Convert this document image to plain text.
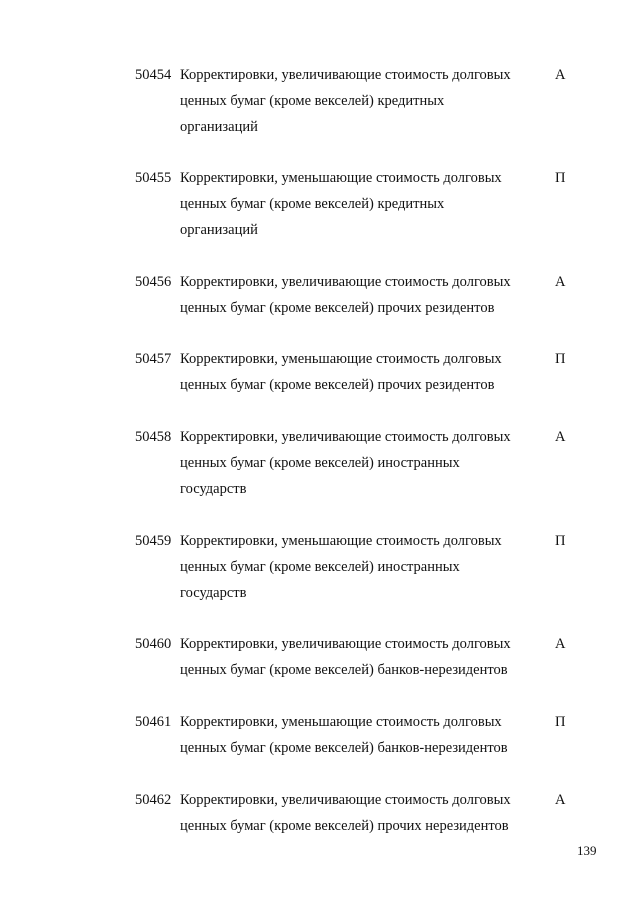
50454 Корректировки, увеличивающие стоимость долговых
ценных бумаг (кроме векселей) кредитных
организаций
А
50455 Корректировки, уменьшающие стоимость долговых
ценных бумаг (кроме векселей) кредитных
организаций
П
50456 Корректировки, увеличивающие стоимость долговых
ценных бумаг (кроме векселей) прочих резидентов
А
50457 Корректировки, уменьшающие стоимость долговых
ценных бумаг (кроме векселей) прочих резидентов
П
50458 Корректировки, увеличивающие стоимость долговых
ценных бумаг (кроме векселей) иностранных
государств
А
50459 Корректировки, уменьшающие стоимость долговых
ценных бумаг (кроме векселей) иностранных
государств
П
50460 Корректировки, увеличивающие стоимость долговых
ценных бумаг (кроме векселей) банков-нерезидентов
А
50461 Корректировки, уменьшающие стоимость долговых
ценных бумаг (кроме векселей) банков-нерезидентов
П
50462 Корректировки, увеличивающие стоимость долговых
ценных бумаг (кроме векселей) прочих нерезидентов
А
139
